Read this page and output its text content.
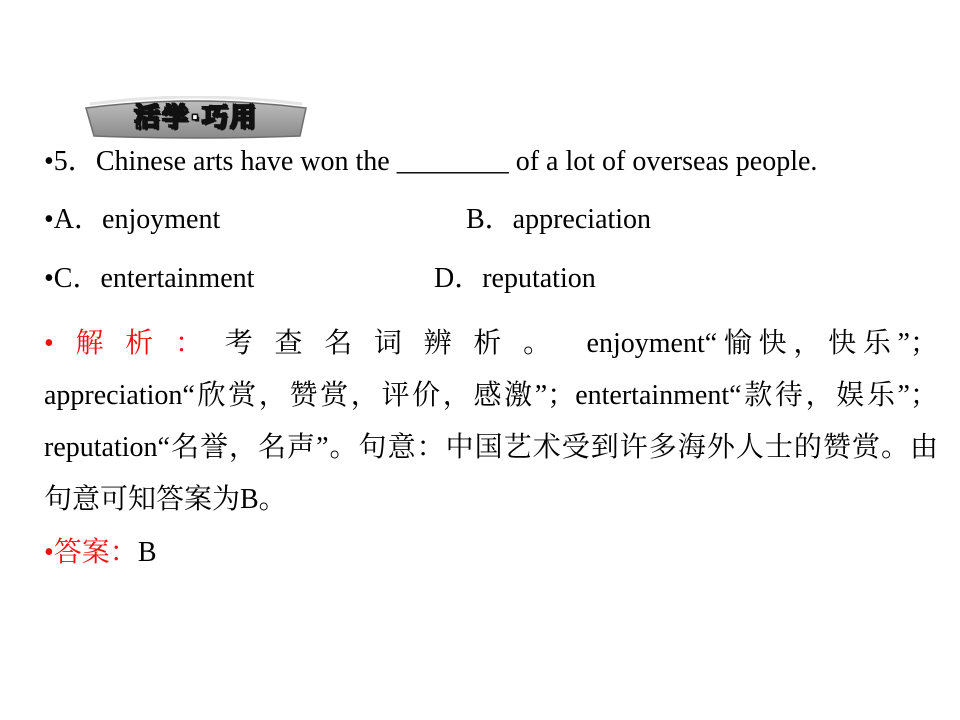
活学·巧用
•5．Chinese arts have won the ________ of a lot of overseas people.
•A．enjoyment	B．appreciation
•C．entertainment	D．reputation
•解析：考查名词辨析。 enjoyment“愉快，快乐”；appreciation“欣赏，赞赏，评价，感激”；entertainment“款待，娱乐”；reputation“名誉，名声”。句意：中国艺术受到许多海外人士的赞赏。由句意可知答案为B。
•答案：B
